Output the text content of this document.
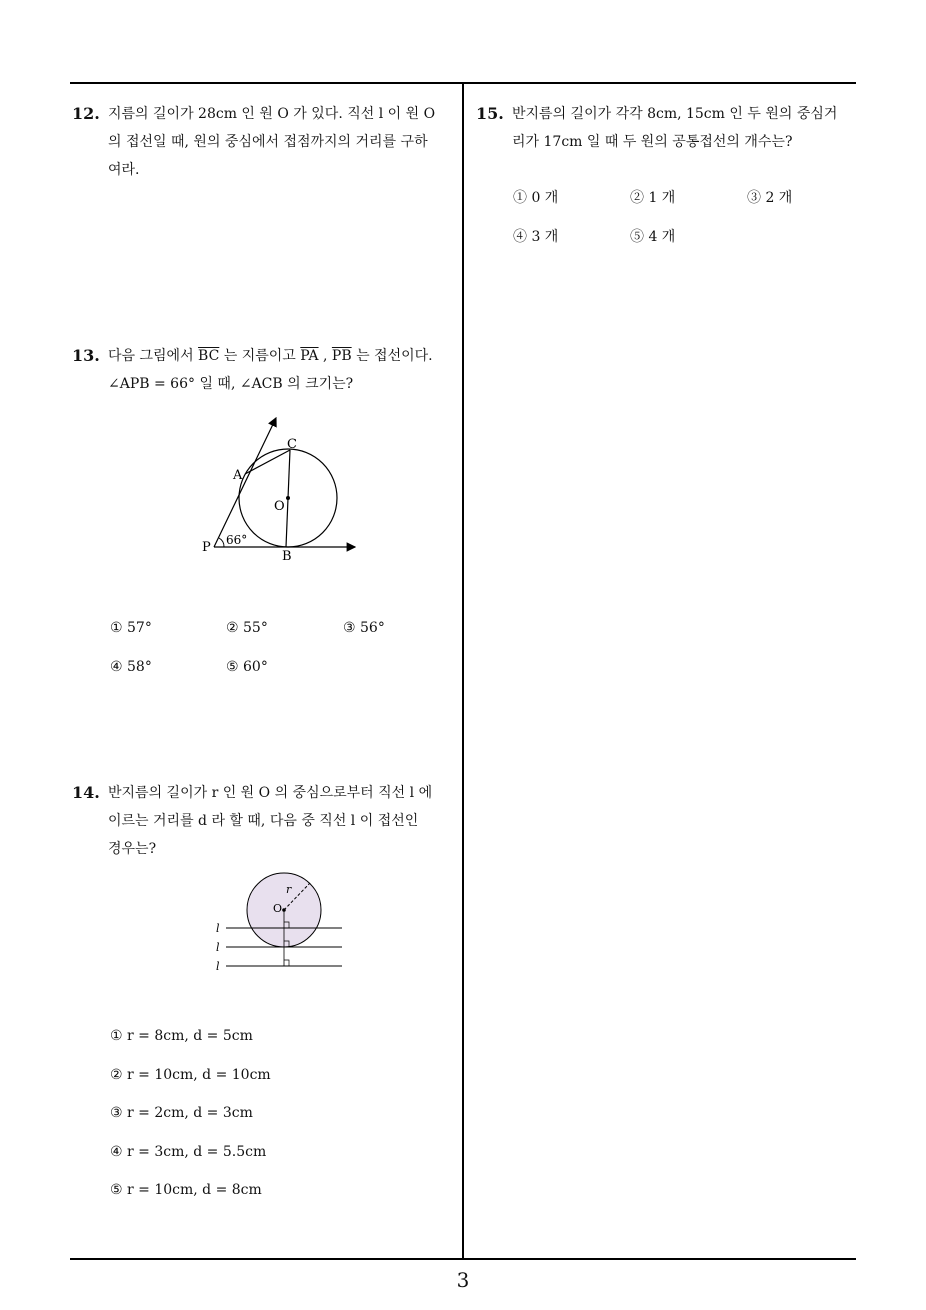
12. 지름의 길이가 28cm 인 원 O 가 있다. 직선 l 이 원 O
의 접선일 때, 원의 중심에서 접점까지의 거리를 구하
여라.
13. 다음 그림에서 $\overline{BC}$ 는 지름이고 $\overline{PA}$ , $\overline{PB}$ 는 접선이다.
∠APB = 66° 일 때, ∠ACB 의 크기는?
C
A
O
P
B
66°
① 57°	② 55°	③ 56°
④ 58°	⑤ 60°
14. 반지름의 길이가 r 인 원 O 의 중심으로부터 직선 l 에
이르는 거리를 d 라 할 때, 다음 중 직선 l 이 접선인
경우는?
O
r
l
l
l
① r = 8cm, d = 5cm
② r = 10cm, d = 10cm
③ r = 2cm, d = 3cm
④ r = 3cm, d = 5.5cm
⑤ r = 10cm, d = 8cm
15. 반지름의 길이가 각각 8cm, 15cm 인 두 원의 중심거
리가 17cm 일 때 두 원의 공통접선의 개수는?
① 0 개	② 1 개	③ 2 개
④ 3 개	⑤ 4 개
3
